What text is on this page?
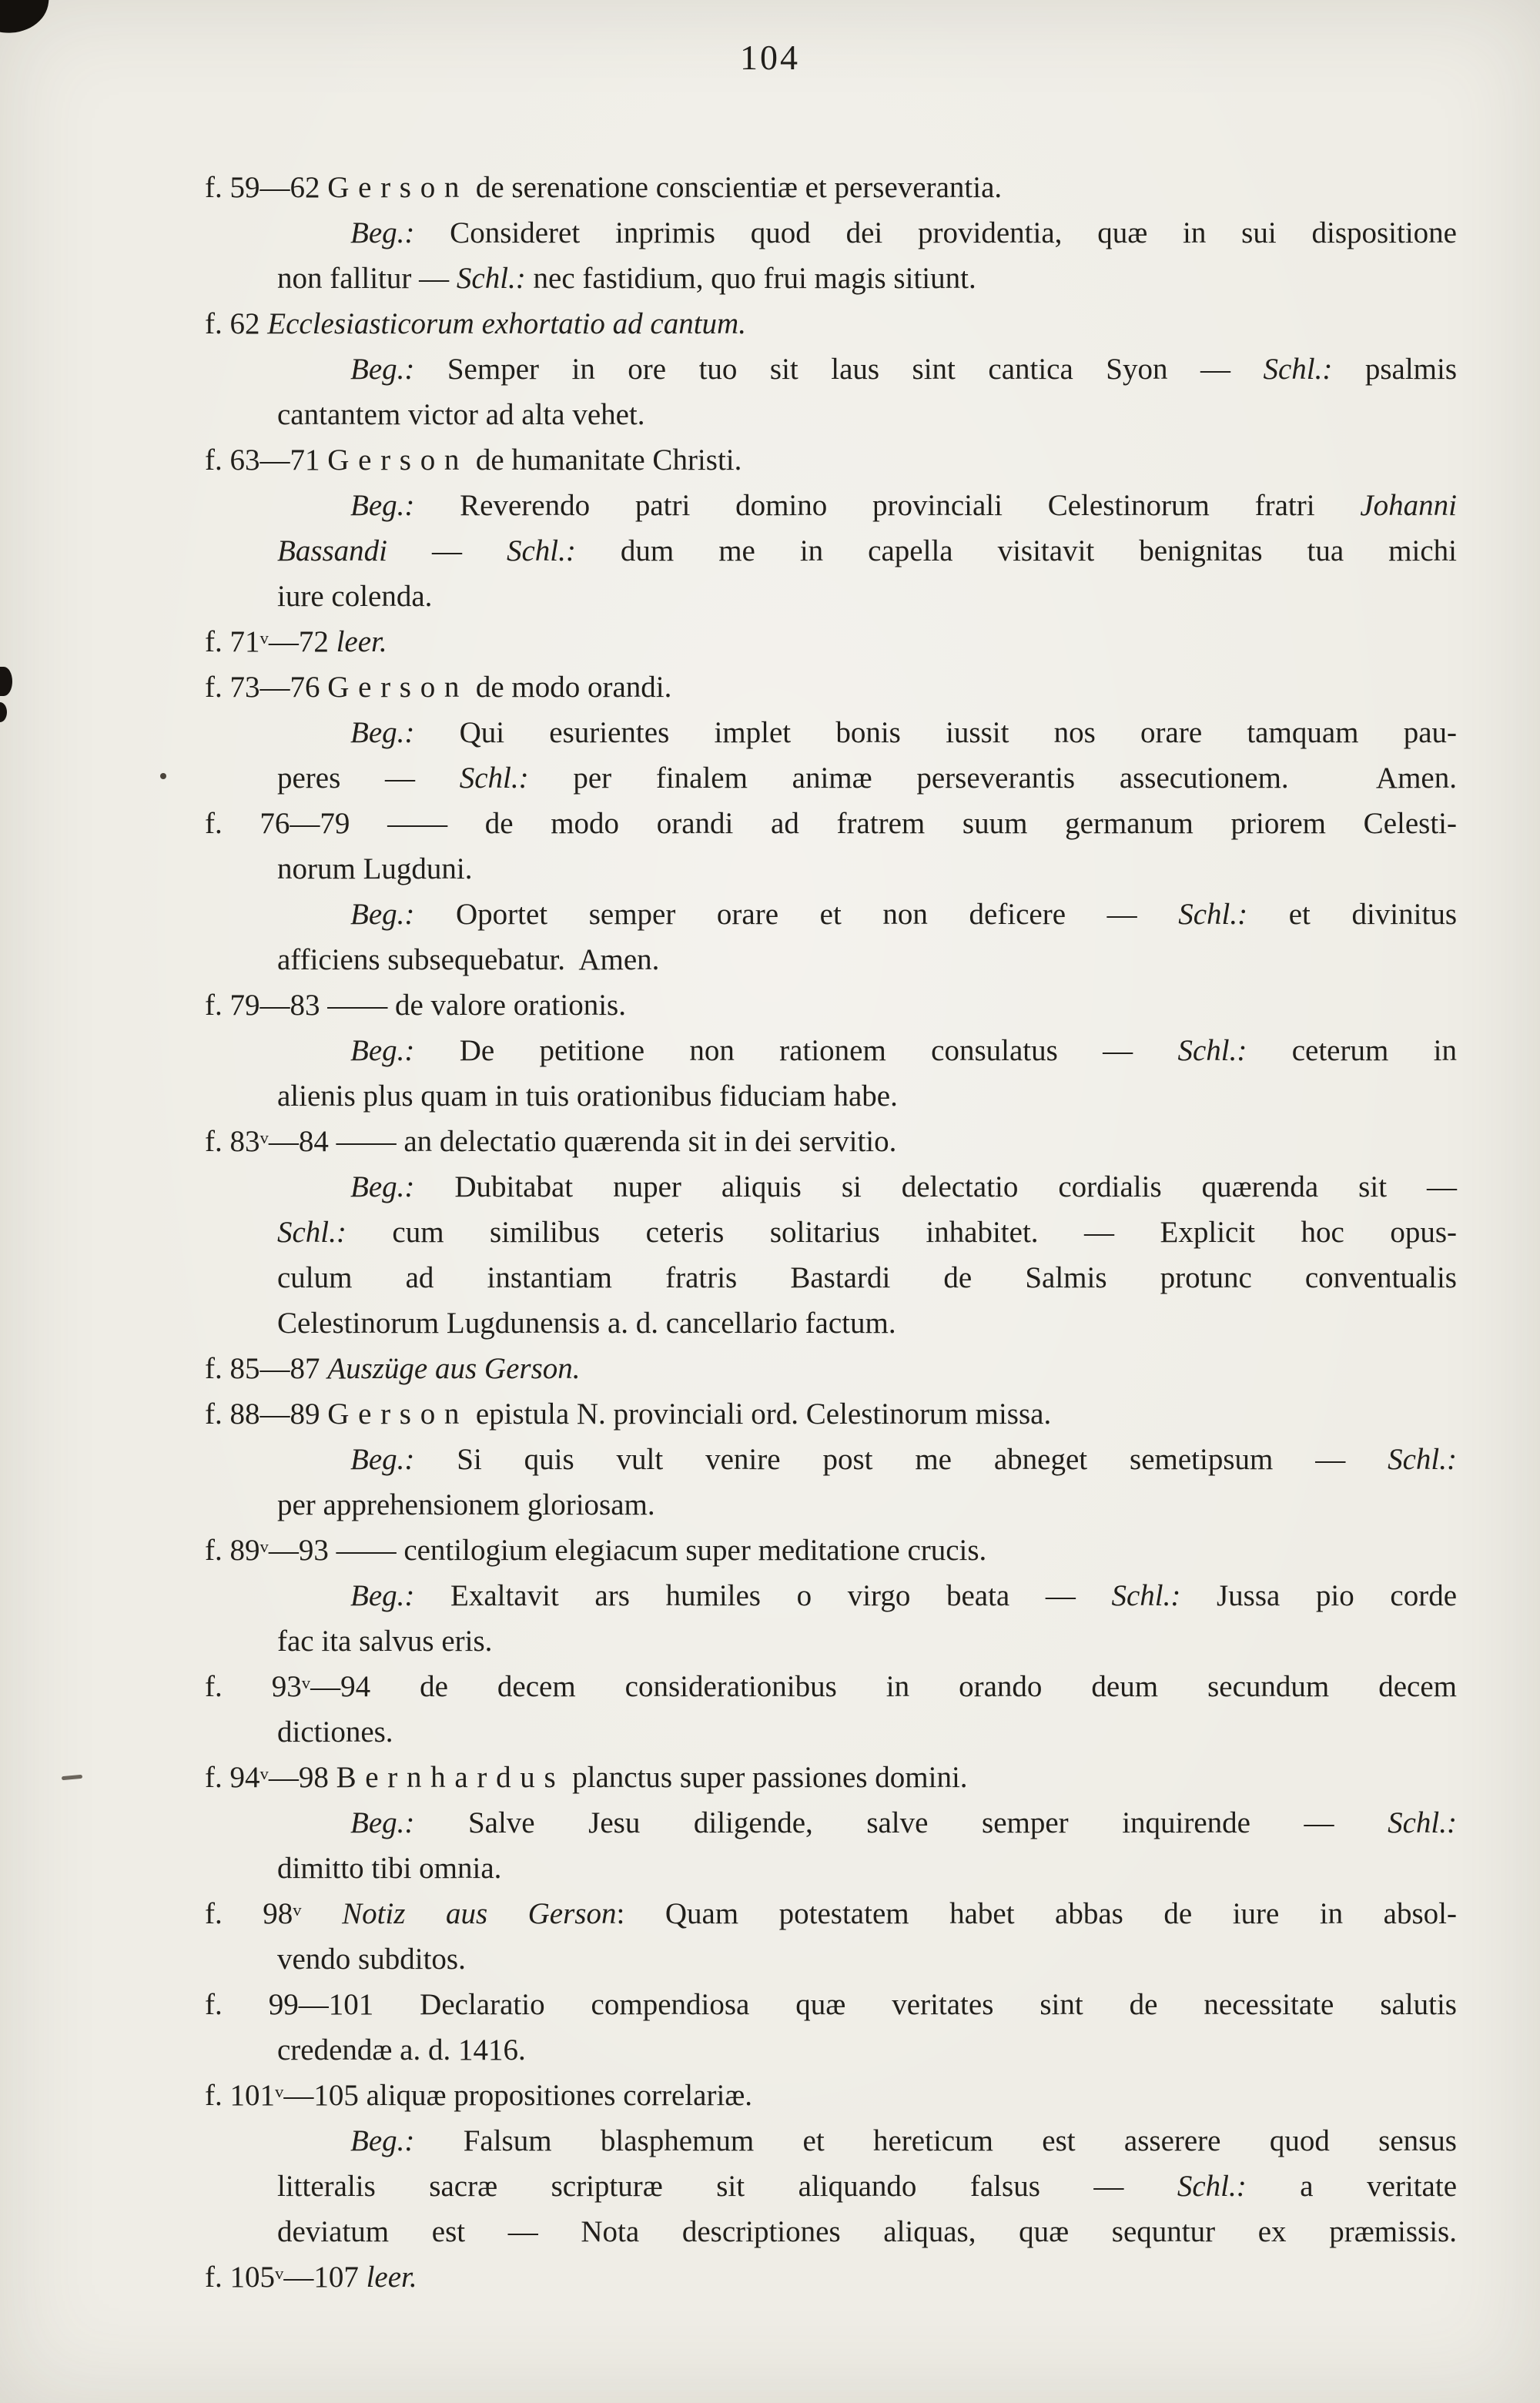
104
f. 59—62 Gerson de serenatione conscientiæ et perseverantia.
Beg.: Consideret inprimis quod dei providentia, quæ in sui dispositione
non fallitur — Schl.: nec fastidium, quo frui magis sitiunt.
f. 62 Ecclesiasticorum exhortatio ad cantum.
Beg.: Semper in ore tuo sit laus sint cantica Syon — Schl.: psalmis
cantantem victor ad alta vehet.
f. 63—71 Gerson de humanitate Christi.
Beg.: Reverendo patri domino provinciali Celestinorum fratri Johanni
Bassandi — Schl.: dum me in capella visitavit benignitas tua michi
iure colenda.
f. 71$^v$—72 leer.
f. 73—76 Gerson de modo orandi.
Beg.: Qui esurientes implet bonis iussit nos orare tamquam pau-
peres — Schl.: per finalem animæ perseverantis assecutionem.  Amen.
f. 76—79 —— de modo orandi ad fratrem suum germanum priorem Celesti-
norum Lugduni.
Beg.: Oportet semper orare et non deficere — Schl.: et divinitus
afficiens subsequebatur.  Amen.
f. 79—83 —— de valore orationis.
Beg.: De petitione non rationem consulatus — Schl.: ceterum in
alienis plus quam in tuis orationibus fiduciam habe.
f. 83$^v$—84 —— an delectatio quærenda sit in dei servitio.
Beg.: Dubitabat nuper aliquis si delectatio cordialis quærenda sit —
Schl.: cum similibus ceteris solitarius inhabitet. — Explicit hoc opus-
culum ad instantiam fratris Bastardi de Salmis protunc conventualis
Celestinorum Lugdunensis a. d. cancellario factum.
f. 85—87 Auszüge aus Gerson.
f. 88—89 Gerson epistula N. provinciali ord. Celestinorum missa.
Beg.: Si quis vult venire post me abneget semetipsum — Schl.:
per apprehensionem gloriosam.
f. 89$^v$—93 —— centilogium elegiacum super meditatione crucis.
Beg.: Exaltavit ars humiles o virgo beata — Schl.: Jussa pio corde
fac ita salvus eris.
f. 93$^v$—94 de decem considerationibus in orando deum secundum decem
dictiones.
f. 94$^v$—98 Bernhardus planctus super passiones domini.
Beg.: Salve Jesu diligende, salve semper inquirende — Schl.:
dimitto tibi omnia.
f. 98$^v$ Notiz aus Gerson: Quam potestatem habet abbas de iure in absol-
vendo subditos.
f. 99—101 Declaratio compendiosa quæ veritates sint de necessitate salutis
credendæ a. d. 1416.
f. 101$^v$—105 aliquæ propositiones correlariæ.
Beg.: Falsum blasphemum et hereticum est asserere quod sensus
litteralis sacræ scripturæ sit aliquando falsus — Schl.: a veritate
deviatum est — Nota descriptiones aliquas, quæ sequntur ex præmissis.
f. 105$^v$—107 leer.
